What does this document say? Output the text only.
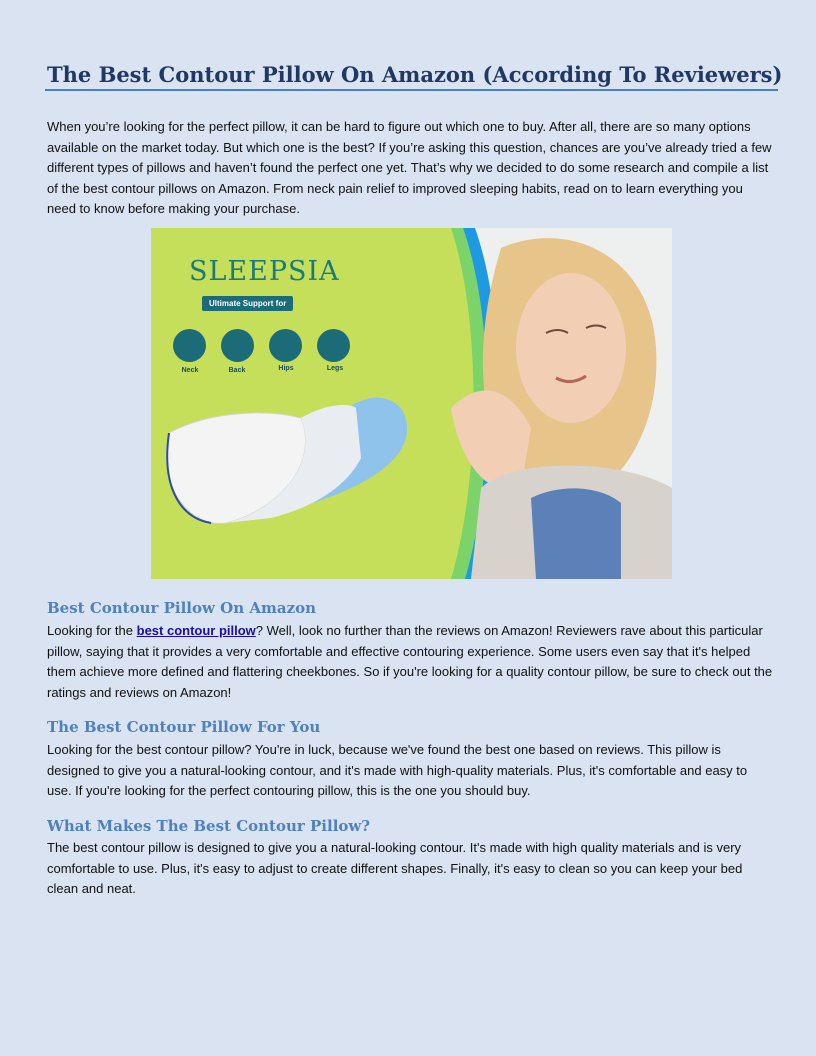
The Best Contour Pillow On Amazon (According To Reviewers)

When you’re looking for the perfect pillow, it can be hard to figure out which one to buy. After all, there are so many options available on the market today. But which one is the best? If you’re asking this question, chances are you’ve already tried a few different types of pillows and haven’t found the perfect one yet. That’s why we decided to do some research and compile a list of the best contour pillows on Amazon. From neck pain relief to improved sleeping habits, read on to learn everything you need to know before making your purchase.

SLEEPSIA
Ultimate Support for
Neck	Back	Hips	Legs
Best Contour Pillow On Amazon

Looking for the best contour pillow? Well, look no further than the reviews on Amazon! Reviewers rave about this particular pillow, saying that it provides a very comfortable and effective contouring experience. Some users even say that it's helped them achieve more defined and flattering cheekbones. So if you're looking for a quality contour pillow, be sure to check out the ratings and reviews on Amazon!

The Best Contour Pillow For You

Looking for the best contour pillow? You're in luck, because we've found the best one based on reviews. This pillow is designed to give you a natural-looking contour, and it's made with high-quality materials. Plus, it's comfortable and easy to use. If you're looking for the perfect contouring pillow, this is the one you should buy.

What Makes The Best Contour Pillow?

The best contour pillow is designed to give you a natural-looking contour. It's made with high quality materials and is very comfortable to use. Plus, it's easy to adjust to create different shapes. Finally, it's easy to clean so you can keep your bed clean and neat.
